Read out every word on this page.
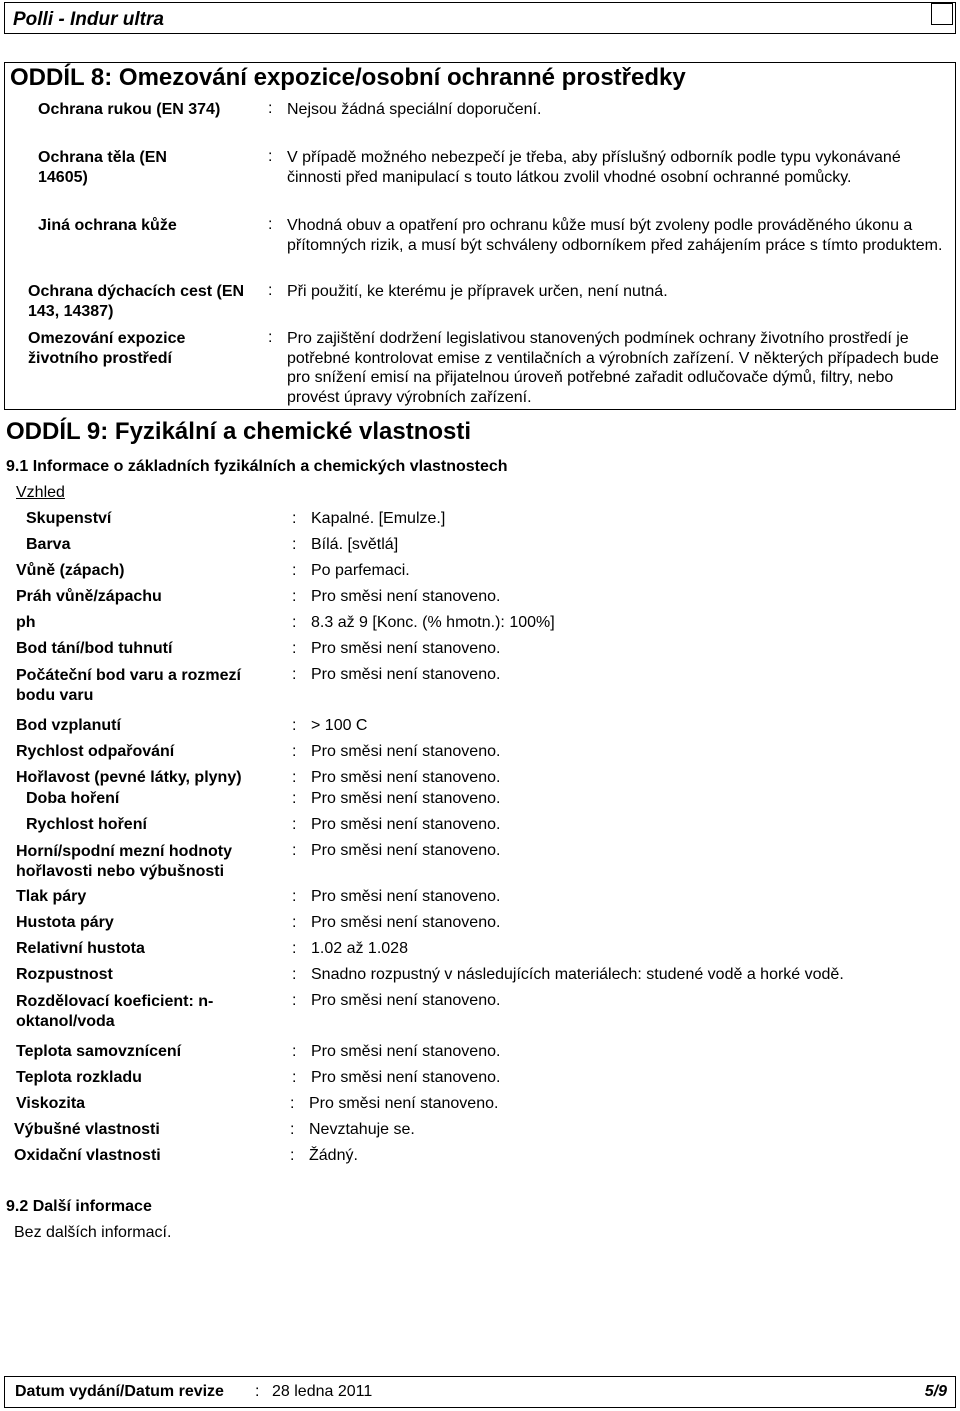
Polli - Indur ultra
ODDÍL 8: Omezování expozice/osobní ochranné prostředky
Ochrana rukou (EN 374)	: Nejsou žádná speciální doporučení.
Ochrana těla (EN 14605)
: V případě možného nebezpečí je třeba, aby příslušný odborník podle typu vykonávané činnosti před manipulací s touto látkou zvolil vhodné osobní ochranné pomůcky.
Jiná ochrana kůže	: Vhodná obuv a opatření pro ochranu kůže musí být zvoleny podle prováděného úkonu a přítomných rizik, a musí být schváleny odborníkem před zahájením práce s tímto produktem.
Ochrana dýchacích cest (EN 143, 14387)
: Při použití, ke kterému je přípravek určen, není nutná.
Omezování expozice životního prostředí
: Pro zajištění dodržení legislativou stanovených podmínek ochrany životního prostředí je potřebné kontrolovat emise z ventilačních a výrobních zařízení. V některých případech bude pro snížení emisí na přijatelnou úroveň potřebné zařadit odlučovače dýmů, filtry, nebo provést úpravy výrobních zařízení.
ODDÍL 9: Fyzikální a chemické vlastnosti
9.1 Informace o základních fyzikálních a chemických vlastnostech
Vzhled
Skupenství	: Kapalné. [Emulze.]
Barva	: Bílá. [světlá]
Vůně (zápach)	: Po parfemaci.
Práh vůně/zápachu	: Pro směsi není stanoveno.
ph	: 8.3 až 9 [Konc. (% hmotn.): 100%]
Bod tání/bod tuhnutí	: Pro směsi není stanoveno.
Počáteční bod varu a rozmezí bodu varu
: Pro směsi není stanoveno.
Bod vzplanutí	: > 100 C
Rychlost odpařování	: Pro směsi není stanoveno.
Hořlavost (pevné látky, plyny)	: Pro směsi není stanoveno.
Doba hoření	: Pro směsi není stanoveno.
Rychlost hoření	: Pro směsi není stanoveno.
Horní/spodní mezní hodnoty hořlavosti nebo výbušnosti
: Pro směsi není stanoveno.
Tlak páry	: Pro směsi není stanoveno.
Hustota páry	: Pro směsi není stanoveno.
Relativní hustota	: 1.02 až 1.028
Rozpustnost	: Snadno rozpustný v následujících materiálech: studené vodě a horké vodě.
Rozdělovací koeficient: n-oktanol/voda
: Pro směsi není stanoveno.
Teplota samovznícení	: Pro směsi není stanoveno.
Teplota rozkladu	: Pro směsi není stanoveno.
Viskozita	: Pro směsi není stanoveno.
Výbušné vlastnosti	: Nevztahuje se.
Oxidační vlastnosti	: Žádný.
9.2 Další informace
Bez dalších informací.
Datum vydání/Datum revize : 28 ledna 2011	5/9
